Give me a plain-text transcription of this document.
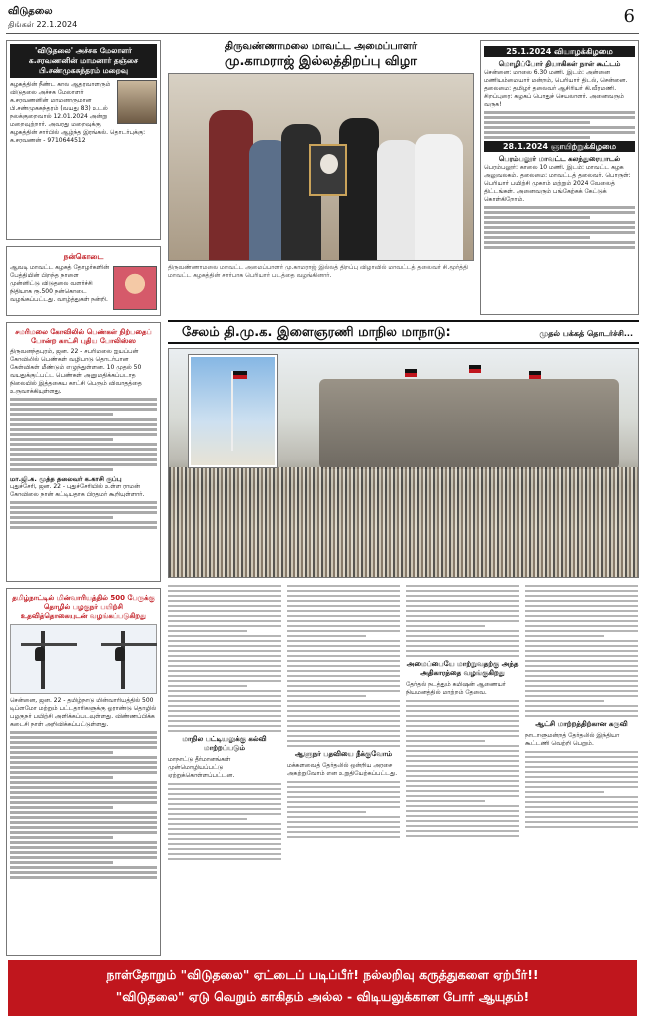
விடுதலை
திங்கள் 22.1.2024	6
'விடுதலை' அச்சக மேலாளர் க.சரவணனின் மாமனார் தஞ்சை பி.சண்முகசுந்தரம் மறைவு
கழகத்தின் நீண்ட கால ஆதரவாளரும் விடுதலை அச்சக மேலாளர் க.சரவணனின் மாமனாருமான பி.சண்முகசுந்தரம் (வயது 83) உடல் நலக்குறைவால் 12.01.2024 அன்று மறைவுற்றார். அவரது மறைவுக்கு கழகத்தின் சார்பில் ஆழ்ந்த இரங்கல். தொடர்புக்கு: க.சரவணன் - 9710644512
நன்கொடை
ஆவடி மாவட்ட கழகத் தோழர்களின் பேத்தியின் பிறந்த நாளை முன்னிட்டு விடுதலை வளர்ச்சி நிதியாக ரூ.500 நன்கொடை வழங்கப்பட்டது. வாழ்த்துகள் நன்றி.
சமரிமலை கோவிலில் பெண்கள் நிற்பதைப் போன்ற காட்சி புதிய போலிஸ்ஸ
திருவனந்தபுரம், ஜன. 22 - சபரிமலை ஐயப்பன் கோவிலில் பெண்கள் வழிபாடு தொடர்பான கேள்விகள் மீண்டும் எழுந்துள்ளன. 10 முதல் 50 வயதுக்குட்பட்ட பெண்கள் அனுமதிக்கப்படாத நிலையில் இத்தகைய காட்சி பெரும் விவாதத்தை உருவாக்கியுள்ளது.
மா.ஜி.க. மூத்த தலைவர் க.காசி குப்பு
புதுச்சேரி, ஜன. 22 - புதுச்சேரியில் உள்ள ராமன் கோவிலை நான் கட்டியதாக பிரதமர் கூறியுள்ளார்.
தமிழ்நாட்டில் மின்வாரியத்தில் 500 பேருக்கு தொழில் பழகுநர் பயிற்சி உதவித்தொகையுடன் வழங்கப்படுகிறது
சென்னை, ஜன. 22 - தமிழ்நாடு மின்வாரியத்தில் 500 டிப்ளமோ மற்றும் பட்டதாரிகளுக்கு ஓராண்டு தொழில் பழகுநர் பயிற்சி அளிக்கப்படவுள்ளது. விண்ணப்பிக்க கடைசி நாள் அறிவிக்கப்பட்டுள்ளது.
திருவண்ணாமலை மாவட்ட அமைப்பாளர்
மு.காமராஜ் இல்லத்திறப்பு விழா
திருவண்ணாமலை மாவட்ட அமைப்பாளர் மு.காமராஜ் இல்லத் திறப்பு விழாவில் மாவட்டத் தலைவர் சி.மூர்த்தி மாவட்ட கழகத்தின் சார்பாக பெரியார் படத்தை வழங்கினார்.
25.1.2024 வியாழக்கிழமை
மொழிப்போர் தியாகிகள் நாள் கூட்டம்
சென்னை: மாலை 6.30 மணி. இடம்: அன்னை மணியம்மையார் மன்றம், பெரியார் திடல், சென்னை. தலைமை: தமிழர் தலைவர் ஆசிரியர் கி.வீரமணி. சிறப்புரை: கழகப் பொதுச் செயலாளர். அனைவரும் வருக!
28.1.2024 ஞாயிற்றுக்கிழமை
பெரம்பலூர் மாவட்ட கலந்துரையாடல்
பெரம்பலூர்: காலை 10 மணி. இடம்: மாவட்ட கழக அலுவலகம். தலைமை: மாவட்டத் தலைவர். பொருள்: பெரியார் பயிற்சி முகாம் மற்றும் 2024 வேலைத் திட்டங்கள். அனைவரும் பங்கேற்கக் கேட்டுக் கொள்கிறோம்.
சேலம் தி.மு.க. இளைஞரணி மாநில மாநாடு:	முதல் பக்கத் தொடர்ச்சி...
மாநில பட்டியலுக்கு கல்வி மாற்றப்படும்
மாநாட்டு தீர்மானங்கள் முன்மொழியப்பட்டு ஏற்றுக்கொள்ளப்பட்டன.
ஆளுநர் பதவியை நீக்குவோம்
மக்களவைத் தேர்தலில் ஒன்றிய அரசை அகற்றுவோம் என உறுதியேற்கப்பட்டது.
அமைப்பையே மாற்றுவதற்கு அந்த அதிகாரத்தை வழங்குகிறது
தேர்தல் நடத்தும் கமிஷன் ஆணையர் நியமனத்தில் மாற்றம் தேவை.
ஆட்சி மாற்றத்திற்கான கருவி
நாடாளுமன்றத் தேர்தலில் இந்தியா கூட்டணி வெற்றி பெறும்.
நாள்தோறும் "விடுதலை" ஏட்டைப் படிப்பீர்! நல்லறிவு கருத்துகளை ஏற்பீர்!!
"விடுதலை" ஏடு வெறும் காகிதம் அல்ல - விடியலுக்கான போர் ஆயுதம்!
